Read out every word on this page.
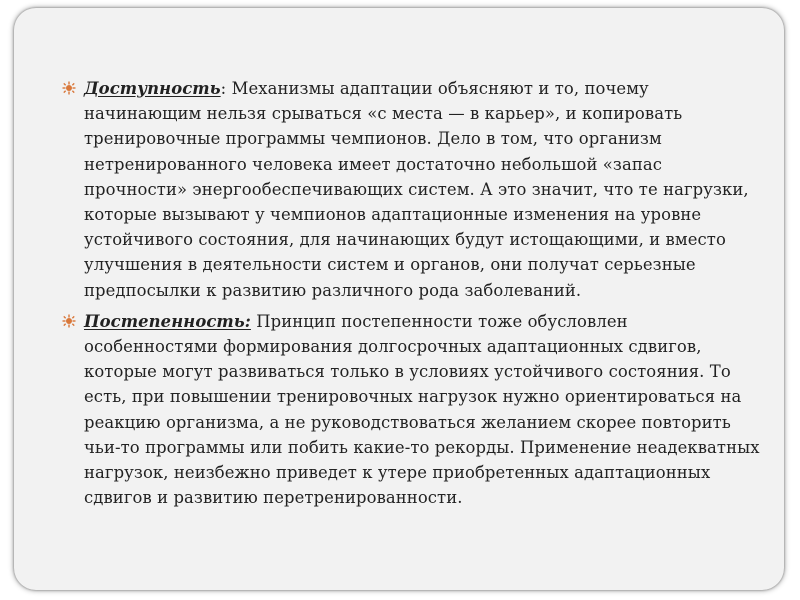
Доступность: Механизмы адаптации объясняют и то, почему начинающим нельзя срываться «с места — в карьер», и копировать тренировочные программы чемпионов. Дело в том, что организм нетренированного человека имеет достаточно небольшой «запас прочности» энергообеспечивающих систем. А это значит, что те нагрузки, которые вызывают у чемпионов адаптационные изменения на уровне устойчивого состояния, для начинающих будут истощающими, и вместо улучшения в деятельности систем и органов, они получат серьезные предпосылки к развитию различного рода заболеваний.

Постепенность: Принцип постепенности тоже обусловлен особенностями формирования долгосрочных адаптационных сдвигов, которые могут развиваться только в условиях устойчивого состояния. То есть, при повышении тренировочных нагрузок нужно ориентироваться на реакцию организма, а не руководствоваться желанием скорее повторить чьи-то программы или побить какие-то рекорды. Применение неадекватных нагрузок, неизбежно приведет к утере приобретенных адаптационных сдвигов и развитию перетренированности.
